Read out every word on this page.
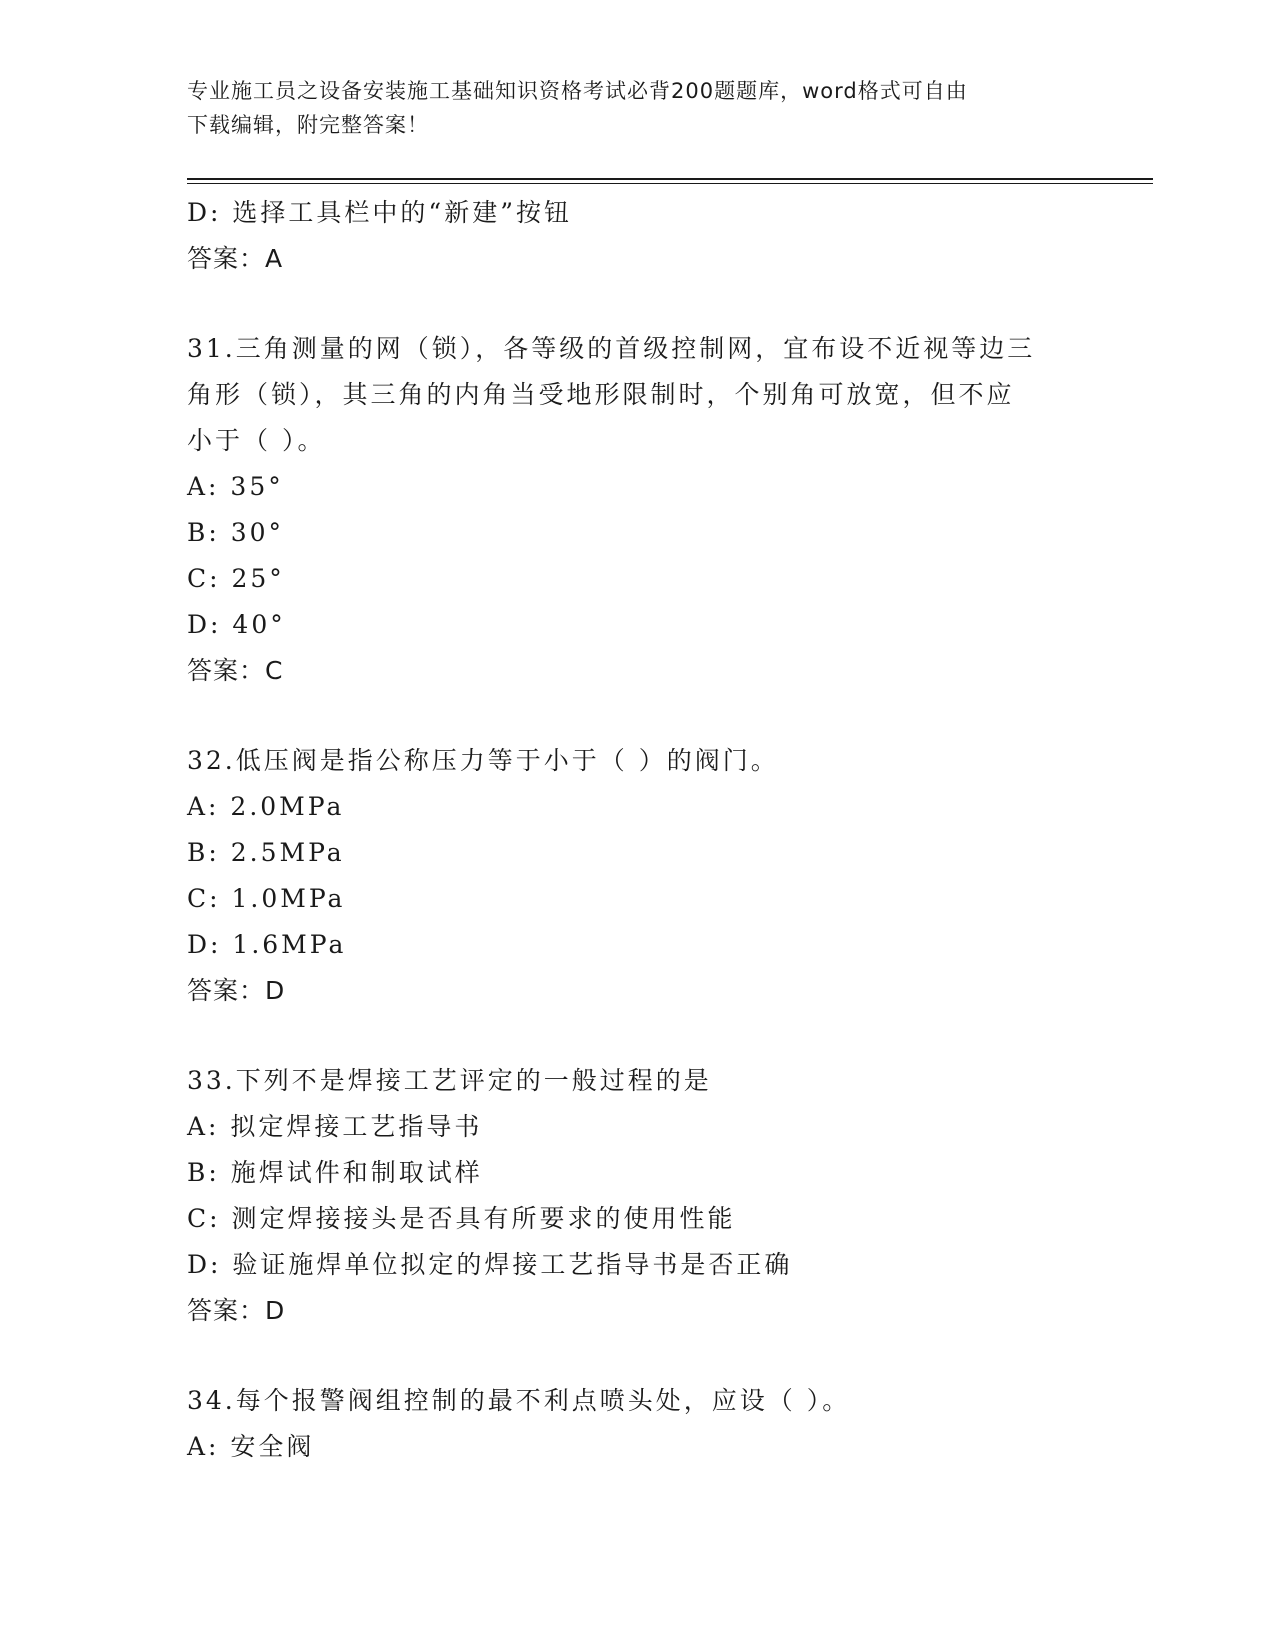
专业施工员之设备安装施工基础知识资格考试必背200题题库，word格式可自由
下载编辑，附完整答案！
D: 选择工具栏中的“新建”按钮
答案：A
31.三角测量的网（锁），各等级的首级控制网，宜布设不近视等边三
角形（锁），其三角的内角当受地形限制时，个别角可放宽，但不应
小于（ ）。
A: 35°
B: 30°
C: 25°
D: 40°
答案：C
32.低压阀是指公称压力等于小于（ ）的阀门。
A: 2.0MPa
B: 2.5MPa
C: 1.0MPa
D: 1.6MPa
答案：D
33.下列不是焊接工艺评定的一般过程的是
A: 拟定焊接工艺指导书
B: 施焊试件和制取试样
C: 测定焊接接头是否具有所要求的使用性能
D: 验证施焊单位拟定的焊接工艺指导书是否正确
答案：D
34.每个报警阀组控制的最不利点喷头处，应设（ ）。
A: 安全阀
